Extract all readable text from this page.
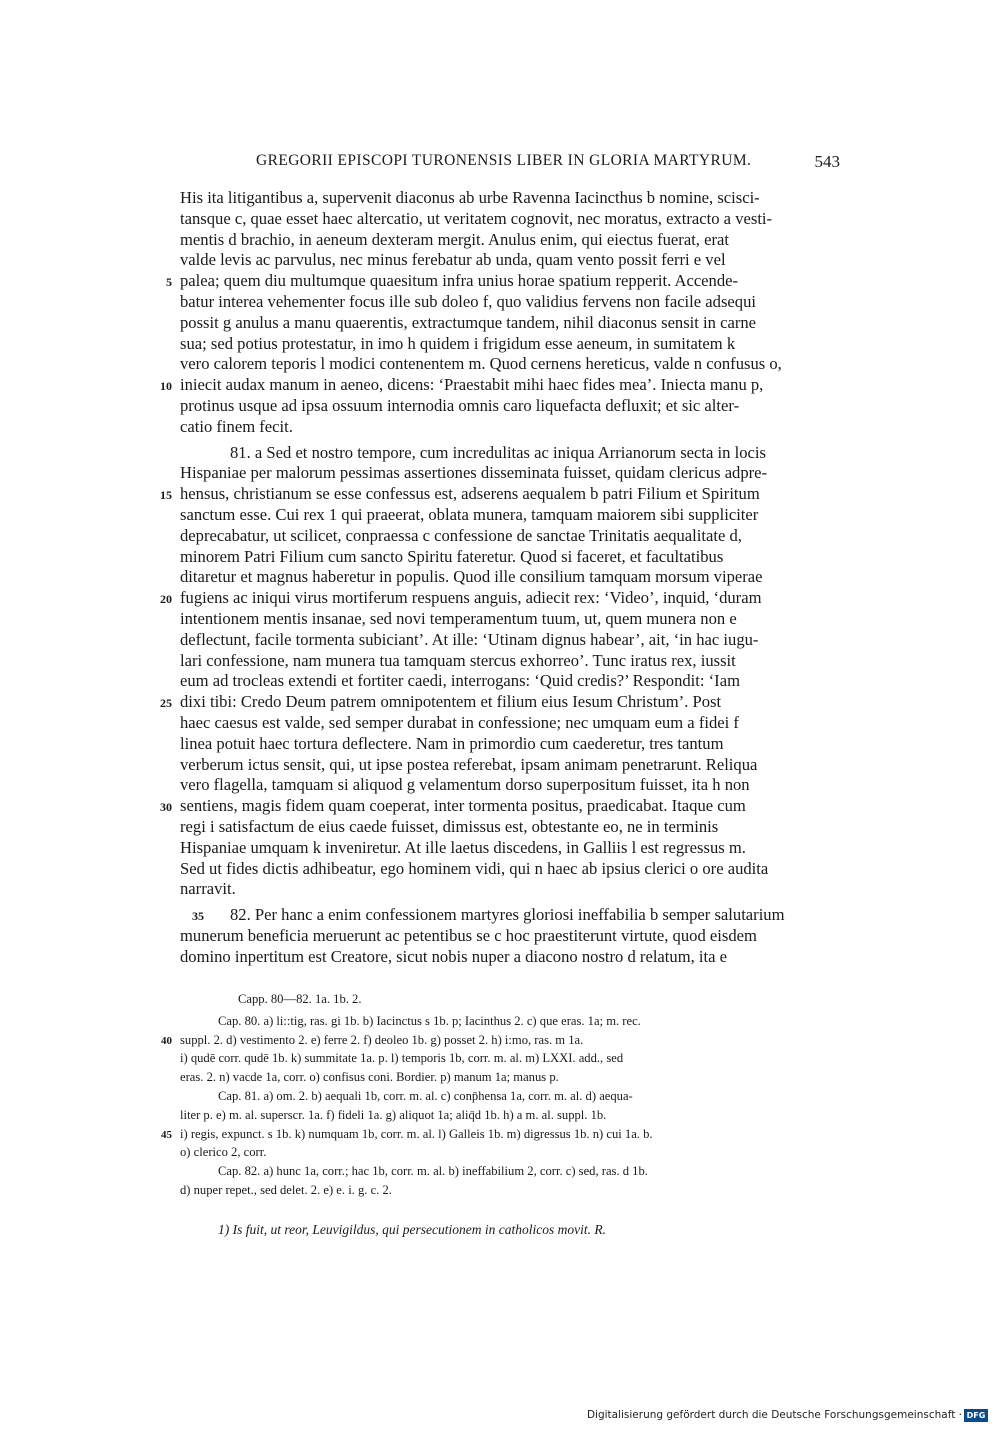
GREGORII EPISCOPI TURONENSIS LIBER IN GLORIA MARTYRUM.	543
His ita litigantibus a, supervenit diaconus ab urbe Ravenna Iacincthus b nomine, scisci-
tansque c, quae esset haec altercatio, ut veritatem cognovit, nec moratus, extracto a vesti-
mentis d brachio, in aeneum dexteram mergit. Anulus enim, qui eiectus fuerat, erat
valde levis ac parvulus, nec minus ferebatur ab unda, quam vento possit ferri e vel
5 palea; quem diu multumque quaesitum infra unius horae spatium repperit. Accende-
batur interea vehementer focus ille sub doleo f, quo validius fervens non facile adsequi
possit g anulus a manu quaerentis, extractumque tandem, nihil diaconus sensit in carne
sua; sed potius protestatur, in imo h quidem i frigidum esse aeneum, in sumitatem k
vero calorem teporis l modici contenentem m. Quod cernens hereticus, valde n confusus o,
10 iniecit audax manum in aeneo, dicens: ‘Praestabit mihi haec fides mea’. Iniecta manu p,
protinus usque ad ipsa ossuum internodia omnis caro liquefacta defluxit; et sic alter-
catio finem fecit.
81. a Sed et nostro tempore, cum incredulitas ac iniqua Arrianorum secta in locis
Hispaniae per malorum pessimas assertiones disseminata fuisset, quidam clericus adpre-
15 hensus, christianum se esse confessus est, adserens aequalem b patri Filium et Spiritum
sanctum esse. Cui rex 1 qui praeerat, oblata munera, tamquam maiorem sibi suppliciter
deprecabatur, ut scilicet, conpraessa c confessione de sanctae Trinitatis aequalitate d,
minorem Patri Filium cum sancto Spiritu fateretur. Quod si faceret, et facultatibus
ditaretur et magnus haberetur in populis. Quod ille consilium tamquam morsum viperae
20 fugiens ac iniqui virus mortiferum respuens anguis, adiecit rex: ‘Video’, inquid, ‘duram
intentionem mentis insanae, sed novi temperamentum tuum, ut, quem munera non e
deflectunt, facile tormenta subiciant’. At ille: ‘Utinam dignus habear’, ait, ‘in hac iugu-
lari confessione, nam munera tua tamquam stercus exhorreo’. Tunc iratus rex, iussit
eum ad trocleas extendi et fortiter caedi, interrogans: ‘Quid credis?’ Respondit: ‘Iam
25 dixi tibi: Credo Deum patrem omnipotentem et filium eius Iesum Christum’. Post
haec caesus est valde, sed semper durabat in confessione; nec umquam eum a fidei f
linea potuit haec tortura deflectere. Nam in primordio cum caederetur, tres tantum
verberum ictus sensit, qui, ut ipse postea referebat, ipsam animam penetrarunt. Reliqua
vero flagella, tamquam si aliquod g velamentum dorso superpositum fuisset, ita h non
30 sentiens, magis fidem quam coeperat, inter tormenta positus, praedicabat. Itaque cum
regi i satisfactum de eius caede fuisset, dimissus est, obtestante eo, ne in terminis
Hispaniae umquam k inveniretur. At ille laetus discedens, in Galliis l est regressus m.
Sed ut fides dictis adhibeatur, ego hominem vidi, qui n haec ab ipsius clerici o ore audita
narravit.
35 82. Per hanc a enim confessionem martyres gloriosi ineffabilia b semper salutarium
munerum beneficia meruerunt ac petentibus se c hoc praestiterunt virtute, quod eisdem
domino inpertitum est Creatore, sicut nobis nuper a diacono nostro d relatum, ita e
Capp. 80—82. 1a. 1b. 2.
Cap. 80. a) li::tig, ras. gi 1b. b) Iacinctus s 1b. p; Iacinthus 2. c) que eras. 1a; m. rec.
40 suppl. 2. d) vestimento 2. e) ferre 2. f) deoleo 1b. g) posset 2. h) i:mo, ras. m 1a.
i) qudē corr. qudē 1b. k) summitate 1a. p. l) temporis 1b, corr. m. al. m) LXXI. add., sed
eras. 2. n) vacde 1a, corr. o) confisus coni. Bordier. p) manum 1a; manus p.
Cap. 81. a) om. 2. b) aequali 1b, corr. m. al. c) conp̄hensa 1a, corr. m. al. d) aequa-
liter p. e) m. al. superscr. 1a. f) fideli 1a. g) aliquot 1a; aliq̄d 1b. h) a m. al. suppl. 1b.
45 i) regis, expunct. s 1b. k) numquam 1b, corr. m. al. l) Galleis 1b. m) digressus 1b. n) cui 1a. b.
o) clerico 2, corr.
Cap. 82. a) hunc 1a, corr.; hac 1b, corr. m. al. b) ineffabilium 2, corr. c) sed, ras. d 1b.
d) nuper repet., sed delet. 2. e) e. i. g. c. 2.
1) Is fuit, ut reor, Leuvigildus, qui persecutionem in catholicos movit. R.
Digitalisierung gefördert durch die Deutsche Forschungsgemeinschaft · DFG
